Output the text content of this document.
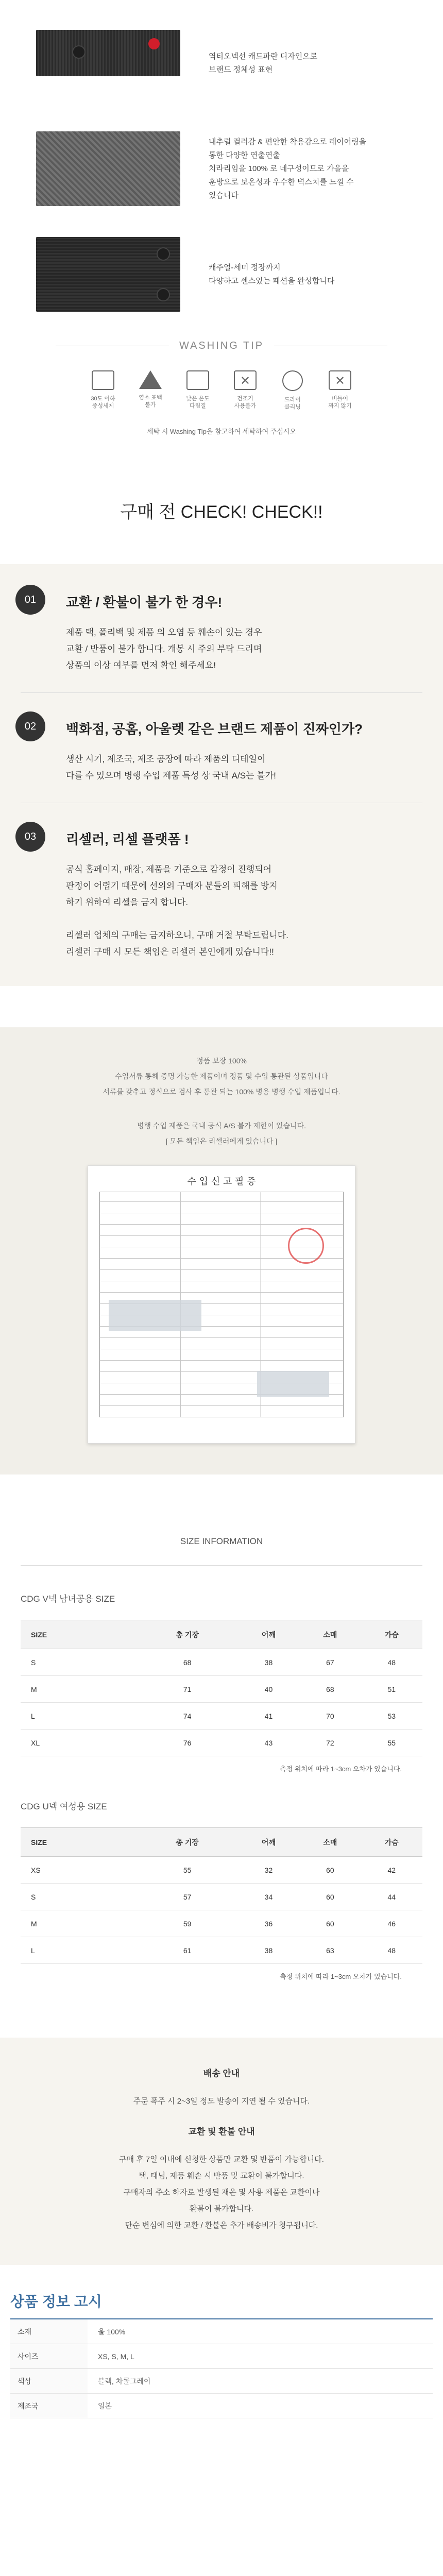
역티오넥선 캐드파란 디자인으로
브랜드 정체성 표현
내추럴 컬러감 & 편안한 착용감으로 레이어링을
통한 다양한 연출연출
치라리임을 100% 로 네구성이므로 가을을
훈방으로 보온성과 우수한 벽스치를 느낄 수
있습니다
캐주얼-세미 정장까지
다양하고 센스있는 패션을 완성합니다
WASHING TIP
30도 이하
중성세제
염소 표백
불가
낮은 온도
다림질
✕
건조기
사용불가
드라이
클리닝
✕
비틀어
짜지 않기
세탁 시 Washing Tip을 참고하여 세탁하여 주십시오
구매 전 CHECK! CHECK!!
01	교환 / 환불이 불가 한 경우!
제품 택, 폴리백 및 제품 의 오염 등 훼손이 있는 경우
교환 / 반품이 불가 합니다. 개봉 시 주의 부탁 드리며
상품의 이상 여부를 먼저 확인 해주세요!
02	백화점, 공홈, 아울렛 같은 브랜드 제품이 진짜인가?
생산 시기, 제조국, 제조 공장에 따라 제품의 디테일이
다를 수 있으며 병행 수입 제품 특성 상 국내 A/S는 불가!
03	리셀러, 리셀 플랫폼 !
공식 홈페이지, 매장, 제품을 기준으로 감정이 진행되어
판정이 어렵기 때문에 선의의 구매자 분들의 피해를 방지
하기 위하여 리셀을 금지 합니다.
리셀러 업체의 구매는 금지하오니, 구매 거절 부탁드립니다.
리셀러 구매 시 모든 책임은 리셀러 본인에게 있습니다!!

정품 보장 100%

수입서류 통해 증명 가능한 제품이며 정품 및 수입 통관된 상품입니다

서류를 갖추고 정식으로 검사 후 통관 되는 100% 병용 병행 수입 제품입니다.

병행 수입 제품은 국내 공식 A/S 불가 제한이 있습니다.

[ 모든 책임은 리셀러에게 있습니다 ]

수 입 신 고 필 증
SIZE INFORMATION
CDG V넥 남녀공용 SIZE
SIZE	총 기장	어깨	소매	가슴
S	68	38	67	48
M	71	40	68	51
L	74	41	70	53
XL	76	43	72	55
측정 위치에 따라 1~3cm 오차가 있습니다.
CDG U넥 여성용 SIZE
SIZE	총 기장	어깨	소매	가슴
XS	55	32	60	42
S	57	34	60	44
M	59	36	60	46
L	61	38	63	48
측정 위치에 따라 1~3cm 오차가 있습니다.
배송 안내
주문 폭주 시 2~3일 정도 발송이 지연 될 수 있습니다.
교환 및 환불 안내
구매 후 7일 이내에 신청한 상품만 교환 및 반품이 가능합니다.
택, 태님, 제품 훼손 시 반품 및 교환이 불가합니다.
구매자의 주소 하자로 발생된 재은 및 사용 제품은 교환이나
환불이 불가합니다.
단순 변심에 의한 교환 / 환불은 추가 배송비가 청구됩니다.
상품 정보 고시
소재	울 100%
사이즈	XS, S, M, L
색상	블랙, 차콜그레이
제조국	일본
